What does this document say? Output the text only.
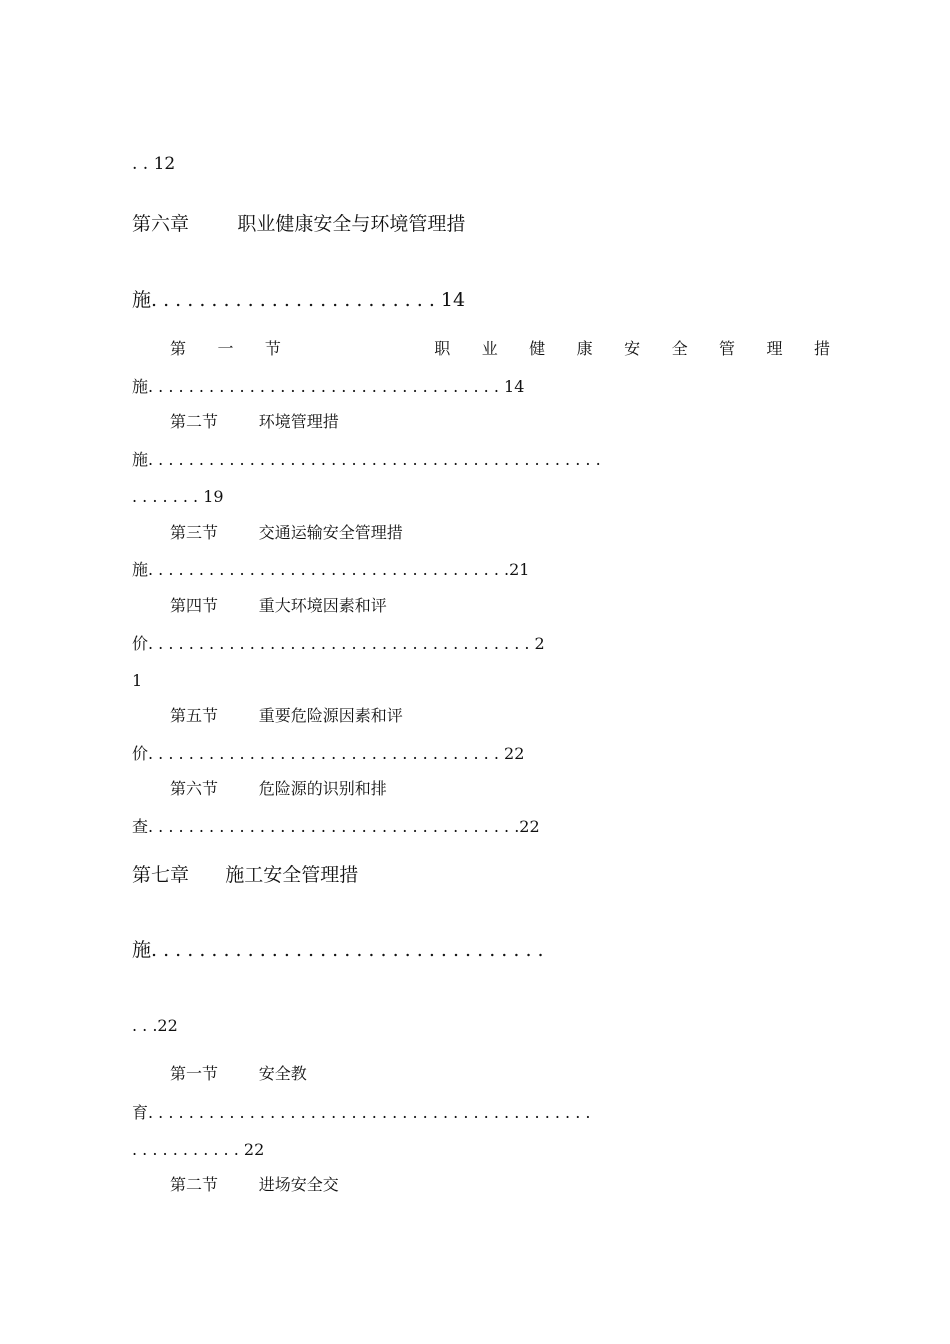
. . 12

第六章        职业健康安全与环境管理措

施. . . . . . . . . . . . . . . . . . . . . . . . 14

第  一  节            职  业  健  康  安  全  管  理  措

施. . . . . . . . . . . . . . . . . . . . . . . . . . . . . . . . . . . 14

第二节        环境管理措

施. . . . . . . . . . . . . . . . . . . . . . . . . . . . . . . . . . . . . . . . . . . . .

. . . . . . . 19

第三节        交通运输安全管理措

施. . . . . . . . . . . . . . . . . . . . . . . . . . . . . . . . . . . .21

第四节        重大环境因素和评

价. . . . . . . . . . . . . . . . . . . . . . . . . . . . . . . . . . . . . . 2

1

第五节        重要危险源因素和评

价. . . . . . . . . . . . . . . . . . . . . . . . . . . . . . . . . . . 22

第六节        危险源的识别和排

查. . . . . . . . . . . . . . . . . . . . . . . . . . . . . . . . . . . . .22

第七章      施工安全管理措

施. . . . . . . . . . . . . . . . . . . . . . . . . . . . . . . . .

. . .22

第一节        安全教

育. . . . . . . . . . . . . . . . . . . . . . . . . . . . . . . . . . . . . . . . . . . .

. . . . . . . . . . . 22

第二节        进场安全交
